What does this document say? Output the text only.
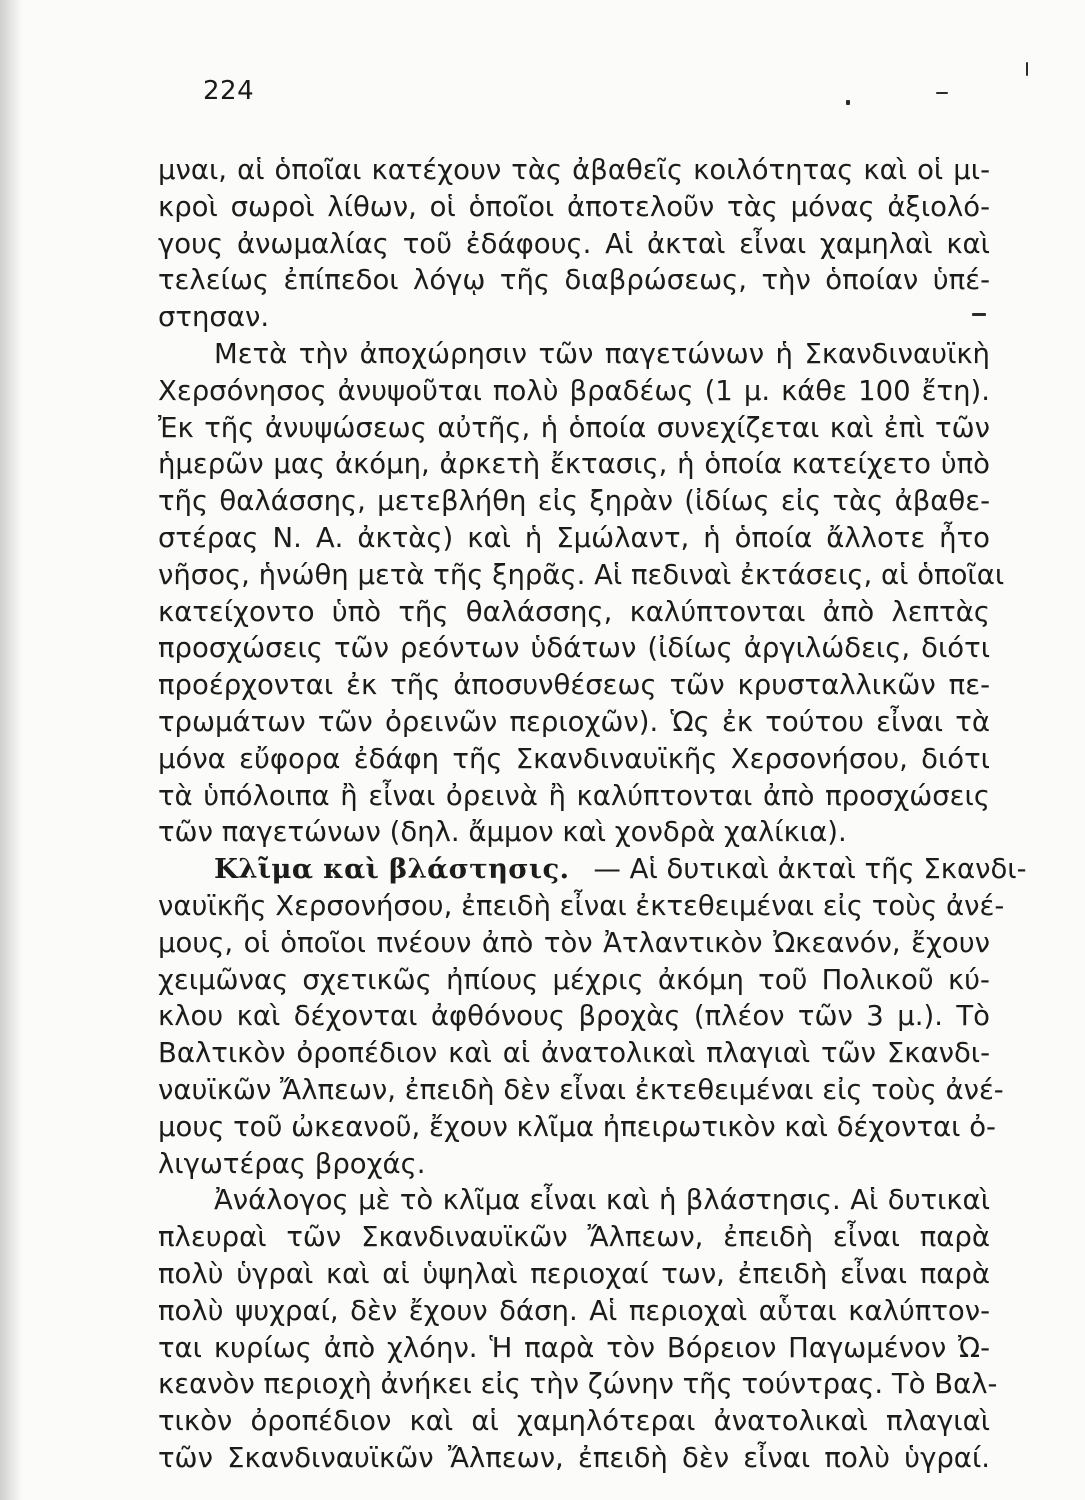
224
μναι, αἱ ὁποῖαι κατέχουν τὰς ἀβαθεῖς κοιλότητας καὶ οἱ μι-
κροὶ σωροὶ λίθων, οἱ ὁποῖοι ἀποτελοῦν τὰς μόνας ἀξιολό-
γους ἀνωμαλίας τοῦ ἐδάφους. Αἱ ἀκταὶ εἶναι χαμηλαὶ καὶ
τελείως ἐπίπεδοι λόγῳ τῆς διαβρώσεως, τὴν ὁποίαν ὑπέ-
στησαν.
Μετὰ τὴν ἀποχώρησιν τῶν παγετώνων ἡ Σκανδιναυϊκὴ
Χερσόνησος ἀνυψοῦται πολὺ βραδέως (1 μ. κάθε 100 ἔτη).
Ἐκ τῆς ἀνυψώσεως αὐτῆς, ἡ ὁποία συνεχίζεται καὶ ἐπὶ τῶν
ἡμερῶν μας ἀκόμη, ἀρκετὴ ἔκτασις, ἡ ὁποία κατείχετο ὑπὸ
τῆς θαλάσσης, μετεβλήθη εἰς ξηρὰν (ἰδίως εἰς τὰς ἀβαθε-
στέρας Ν. Α. ἀκτὰς) καὶ ἡ Σμώλαντ, ἡ ὁποία ἄλλοτε ἦτο
νῆσος, ἡνώθη μετὰ τῆς ξηρᾶς. Αἱ πεδιναὶ ἐκτάσεις, αἱ ὁποῖαι
κατείχοντο ὑπὸ τῆς θαλάσσης, καλύπτονται ἀπὸ λεπτὰς
προσχώσεις τῶν ρεόντων ὑδάτων (ἰδίως ἀργιλώδεις, διότι
προέρχονται ἐκ τῆς ἀποσυνθέσεως τῶν κρυσταλλικῶν πε-
τρωμάτων τῶν ὀρεινῶν περιοχῶν). Ὡς ἐκ τούτου εἶναι τὰ
μόνα εὔφορα ἐδάφη τῆς Σκανδιναυϊκῆς Χερσονήσου, διότι
τὰ ὑπόλοιπα ἢ εἶναι ὀρεινὰ ἢ καλύπτονται ἀπὸ προσχώσεις
τῶν παγετώνων (δηλ. ἄμμον καὶ χονδρὰ χαλίκια).
Κλῖμα καὶ βλάστησις. — Αἱ δυτικαὶ ἀκταὶ τῆς Σκανδι-
ναυϊκῆς Χερσονήσου, ἐπειδὴ εἶναι ἐκτεθειμέναι εἰς τοὺς ἀνέ-
μους, οἱ ὁποῖοι πνέουν ἀπὸ τὸν Ἀτλαντικὸν Ὠκεανόν, ἔχουν
χειμῶνας σχετικῶς ἠπίους μέχρις ἀκόμη τοῦ Πολικοῦ κύ-
κλου καὶ δέχονται ἀφθόνους βροχὰς (πλέον τῶν 3 μ.). Τὸ
Βαλτικὸν ὀροπέδιον καὶ αἱ ἀνατολικαὶ πλαγιαὶ τῶν Σκανδι-
ναυϊκῶν Ἄλπεων, ἐπειδὴ δὲν εἶναι ἐκτεθειμέναι εἰς τοὺς ἀνέ-
μους τοῦ ὠκεανοῦ, ἔχουν κλῖμα ἠπειρωτικὸν καὶ δέχονται ὀ-
λιγωτέρας βροχάς.
Ἀνάλογος μὲ τὸ κλῖμα εἶναι καὶ ἡ βλάστησις. Αἱ δυτικαὶ
πλευραὶ τῶν Σκανδιναυϊκῶν Ἄλπεων, ἐπειδὴ εἶναι παρὰ
πολὺ ὑγραὶ καὶ αἱ ὑψηλαὶ περιοχαί των, ἐπειδὴ εἶναι παρὰ
πολὺ ψυχραί, δὲν ἔχουν δάση. Αἱ περιοχαὶ αὗται καλύπτον-
ται κυρίως ἀπὸ χλόην. Ἡ παρὰ τὸν Βόρειον Παγωμένον Ὠ-
κεανὸν περιοχὴ ἀνήκει εἰς τὴν ζώνην τῆς τούντρας. Τὸ Βαλ-
τικὸν ὀροπέδιον καὶ αἱ χαμηλότεραι ἀνατολικαὶ πλαγιαὶ
τῶν Σκανδιναυϊκῶν Ἄλπεων, ἐπειδὴ δὲν εἶναι πολὺ ὑγραί.
